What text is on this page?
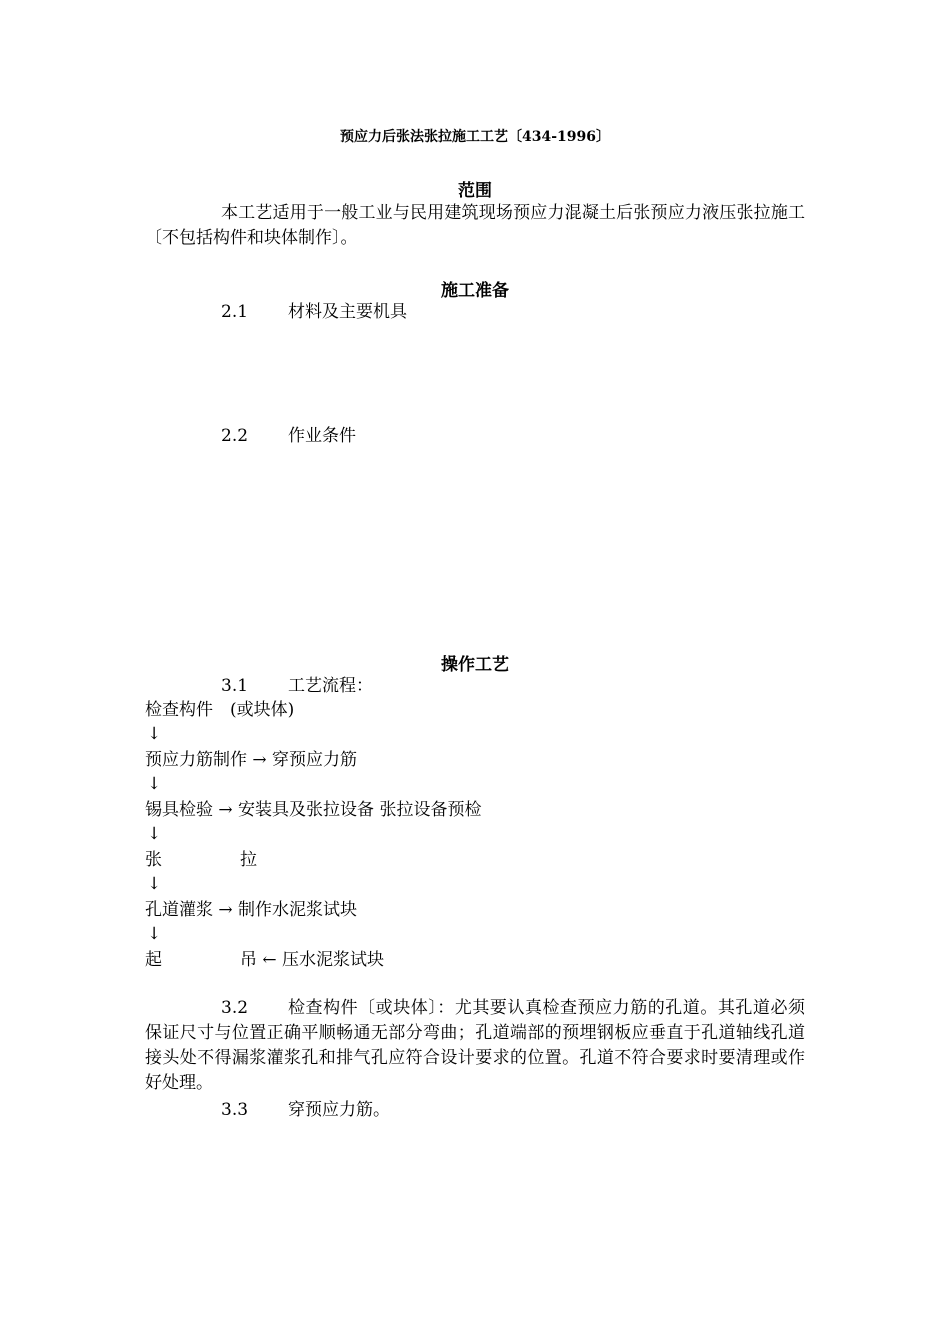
预应力后张法张拉施工工艺〔434-1996〕
范围
本工艺适用于一般工业与民用建筑现场预应力混凝土后张预应力液压张拉施工〔不包括构件和块体制作〕。
施工准备
2.1 材料及主要机具
2.2 作业条件
操作工艺
3.1 工艺流程：
检查构件　(或块体)
↓
预应力筋制作 → 穿预应力筋
↓
锡具检验 → 安装具及张拉设备 张拉设备预检
↓
张	拉
↓
孔道灌浆 → 制作水泥浆试块
↓
起	吊 ← 压水泥浆试块
3.2	检查构件〔或块体〕：尤其要认真检查预应力筋的孔道。其孔道必须保证尺寸与位置正确平顺畅通无部分弯曲；孔道端部的预埋钢板应垂直于孔道轴线孔道接头处不得漏浆灌浆孔和排气孔应符合设计要求的位置。孔道不符合要求时要清理或作好处理。
3.3 穿预应力筋。
